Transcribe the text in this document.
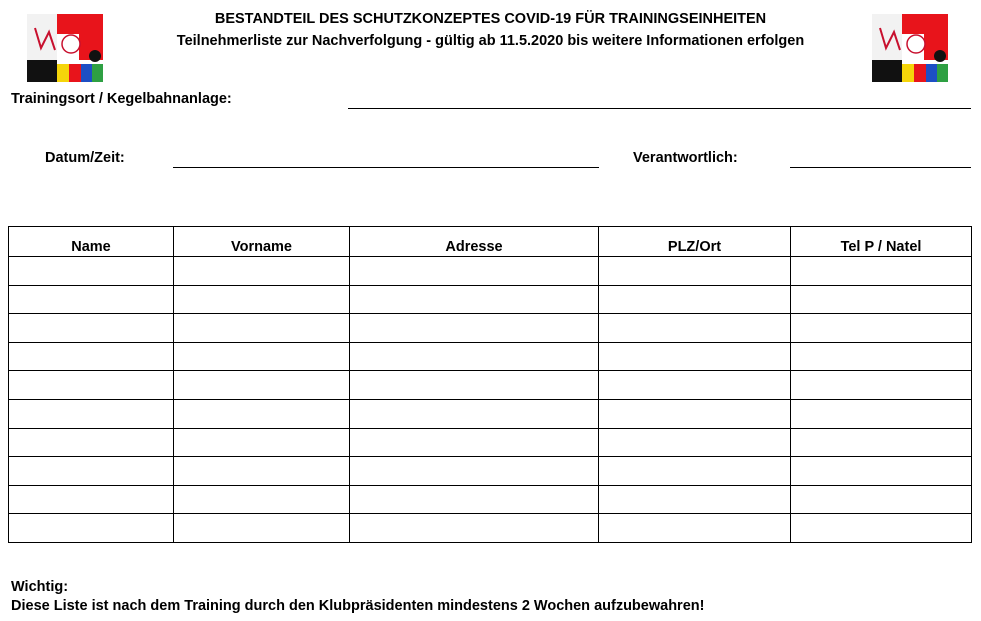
BESTANDTEIL DES SCHUTZKONZEPTES COVID-19 FÜR TRAININGSEINHEITEN
Teilnehmerliste zur Nachverfolgung - gültig ab 11.5.2020 bis weitere Informationen erfolgen
Trainingsort / Kegelbahnanlage:
Datum/Zeit:	Verantwortlich:
Name	Vorname	Adresse	PLZ/Ort	Tel P / Natel

Wichtig:
Diese Liste ist nach dem Training durch den Klubpräsidenten mindestens 2 Wochen aufzubewahren!
